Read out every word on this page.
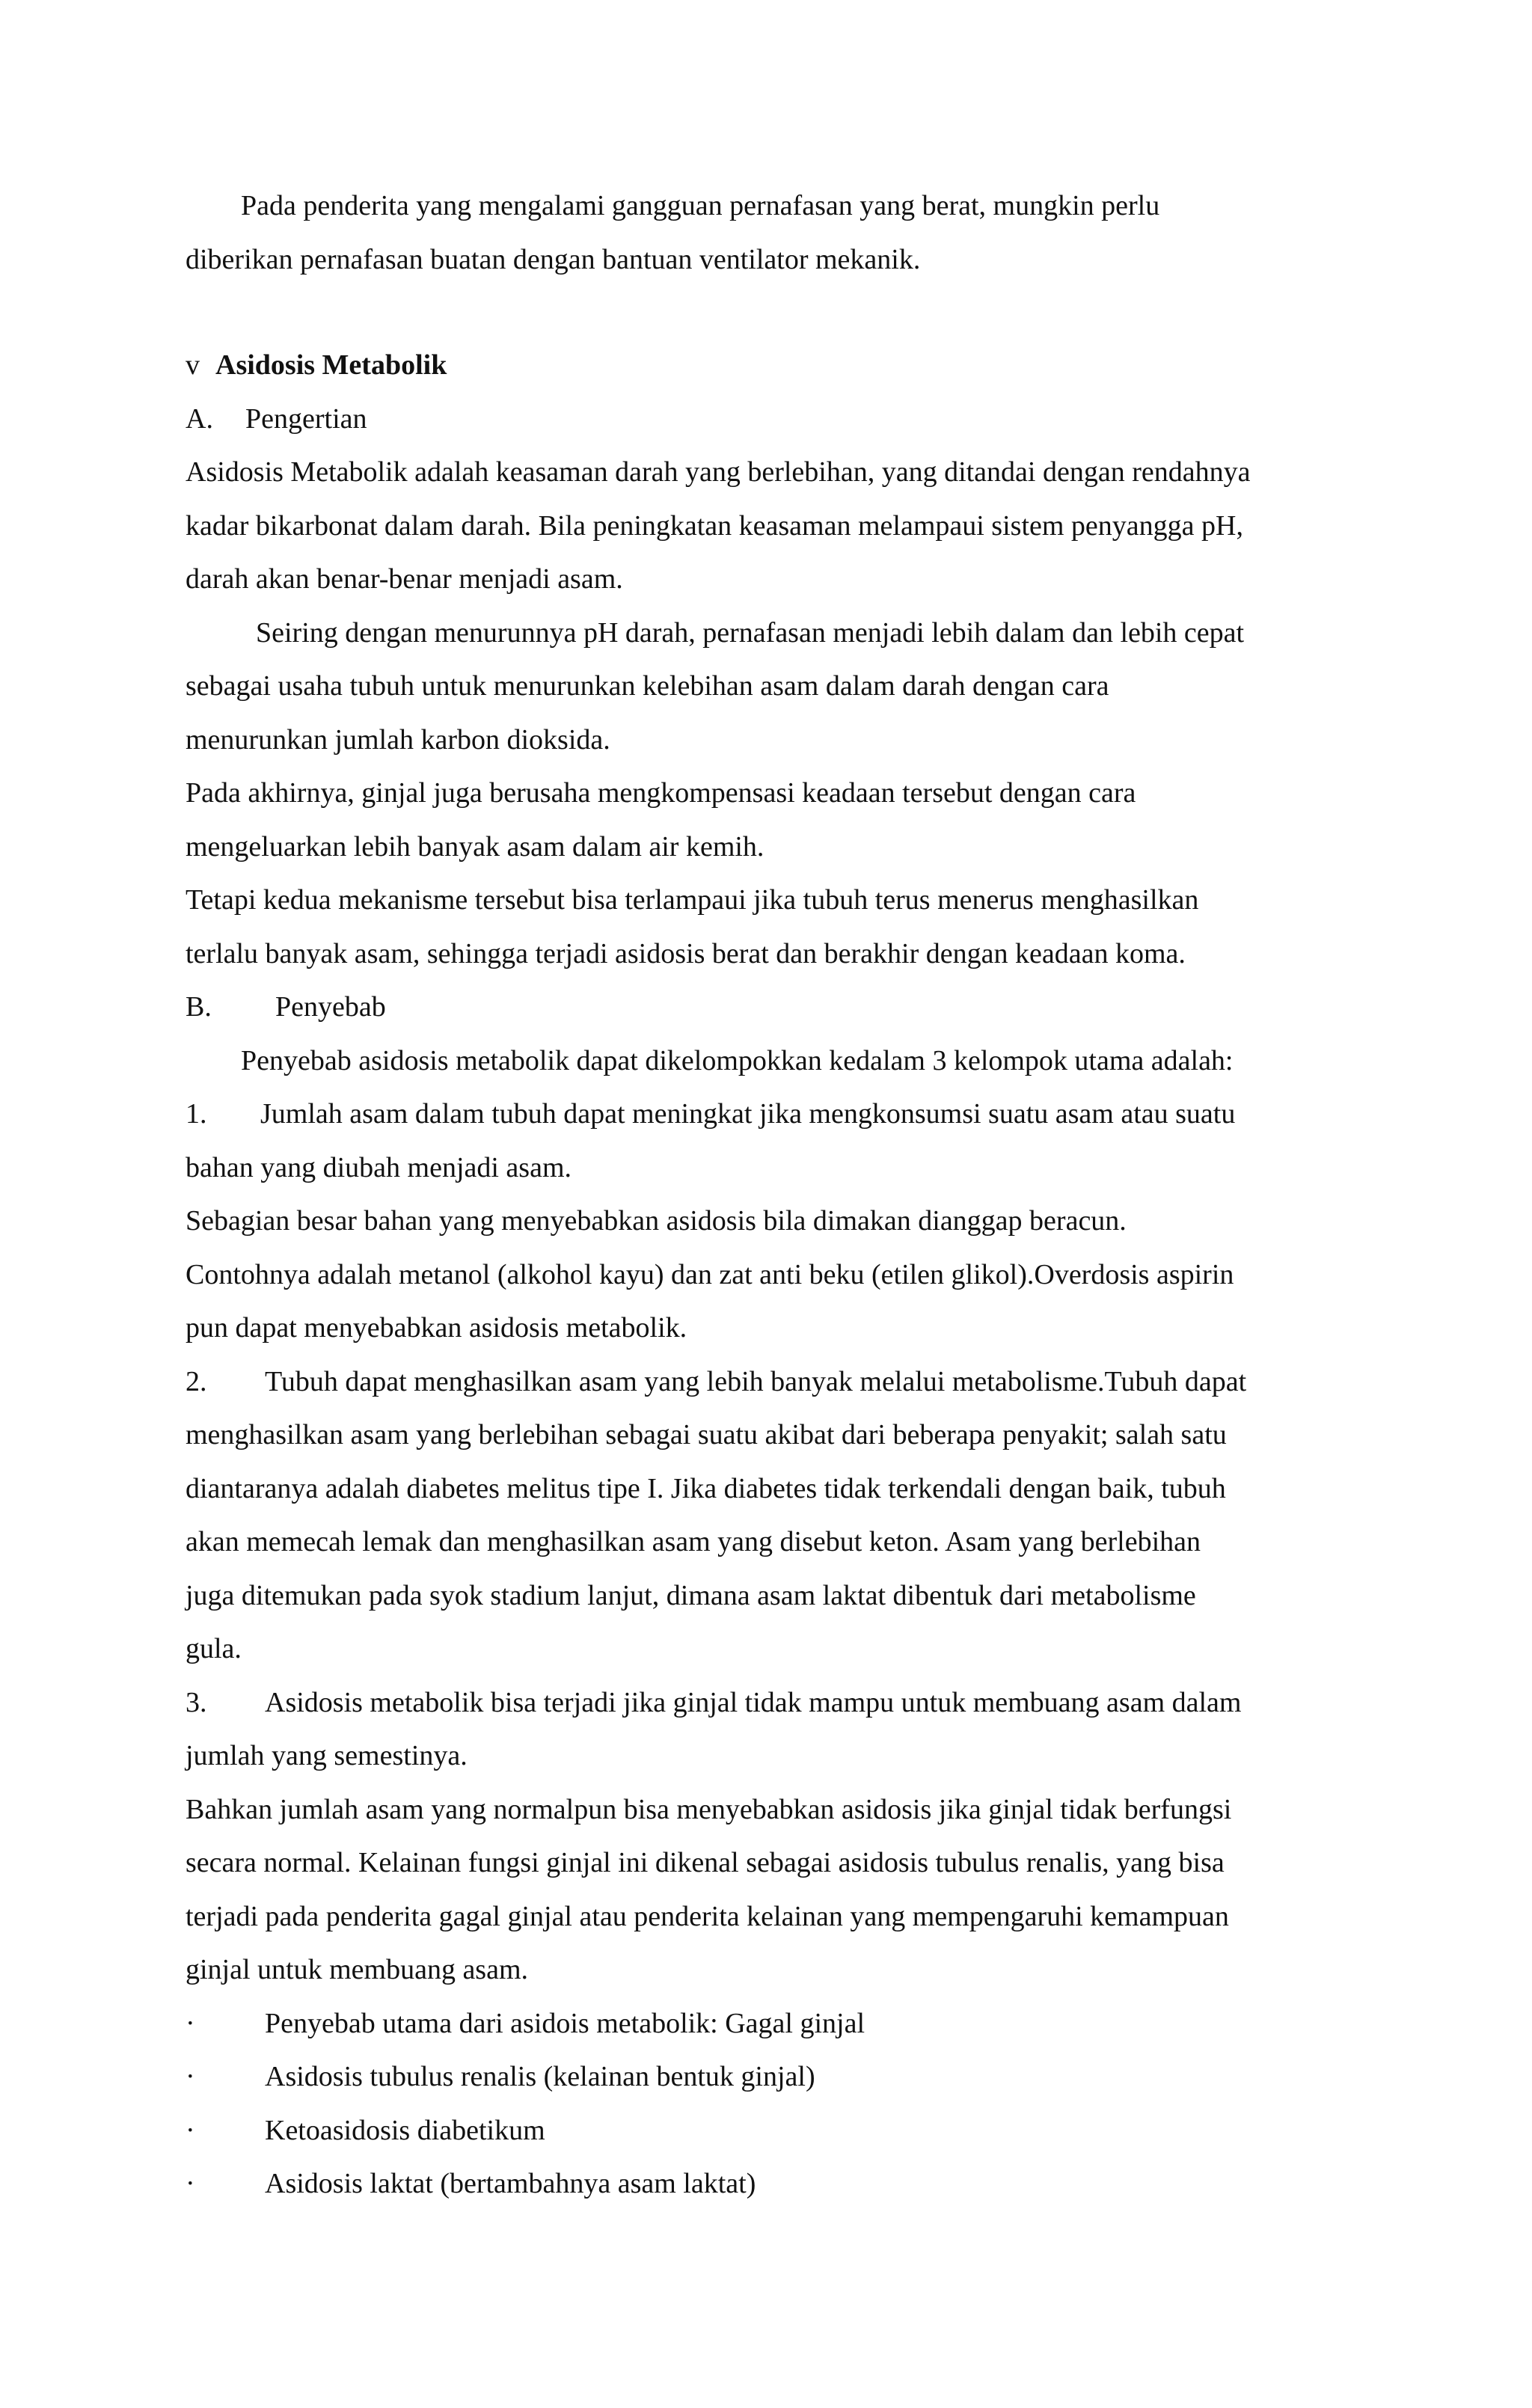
Pada penderita yang mengalami gangguan pernafasan yang berat, mungkin perlu
diberikan pernafasan buatan dengan bantuan ventilator mekanik.
v Asidosis Metabolik
A. Pengertian
Asidosis Metabolik adalah keasaman darah yang berlebihan, yang ditandai dengan rendahnya
kadar bikarbonat dalam darah. Bila peningkatan keasaman melampaui sistem penyangga pH,
darah akan benar-benar menjadi asam.
Seiring dengan menurunnya pH darah, pernafasan menjadi lebih dalam dan lebih cepat
sebagai usaha tubuh untuk menurunkan kelebihan asam dalam darah dengan cara
menurunkan jumlah karbon dioksida.
Pada akhirnya, ginjal juga berusaha mengkompensasi keadaan tersebut dengan cara
mengeluarkan lebih banyak asam dalam air kemih.
Tetapi kedua mekanisme tersebut bisa terlampaui jika tubuh terus menerus menghasilkan
terlalu banyak asam, sehingga terjadi asidosis berat dan berakhir dengan keadaan koma.
B. Penyebab
Penyebab asidosis metabolik dapat dikelompokkan kedalam 3 kelompok utama adalah:
1. Jumlah asam dalam tubuh dapat meningkat jika mengkonsumsi suatu asam atau suatu
bahan yang diubah menjadi asam.
Sebagian besar bahan yang menyebabkan asidosis bila dimakan dianggap beracun.
Contohnya adalah metanol (alkohol kayu) dan zat anti beku (etilen glikol).Overdosis aspirin
pun dapat menyebabkan asidosis metabolik.
2. Tubuh dapat menghasilkan asam yang lebih banyak melalui metabolisme.Tubuh dapat
menghasilkan asam yang berlebihan sebagai suatu akibat dari beberapa penyakit; salah satu
diantaranya adalah diabetes melitus tipe I. Jika diabetes tidak terkendali dengan baik, tubuh
akan memecah lemak dan menghasilkan asam yang disebut keton. Asam yang berlebihan
juga ditemukan pada syok stadium lanjut, dimana asam laktat dibentuk dari metabolisme
gula.
3. Asidosis metabolik bisa terjadi jika ginjal tidak mampu untuk membuang asam dalam
jumlah yang semestinya.
Bahkan jumlah asam yang normalpun bisa menyebabkan asidosis jika ginjal tidak berfungsi
secara normal. Kelainan fungsi ginjal ini dikenal sebagai asidosis tubulus renalis, yang bisa
terjadi pada penderita gagal ginjal atau penderita kelainan yang mempengaruhi kemampuan
ginjal untuk membuang asam.
· Penyebab utama dari asidois metabolik: Gagal ginjal
· Asidosis tubulus renalis (kelainan bentuk ginjal)
· Ketoasidosis diabetikum
· Asidosis laktat (bertambahnya asam laktat)
